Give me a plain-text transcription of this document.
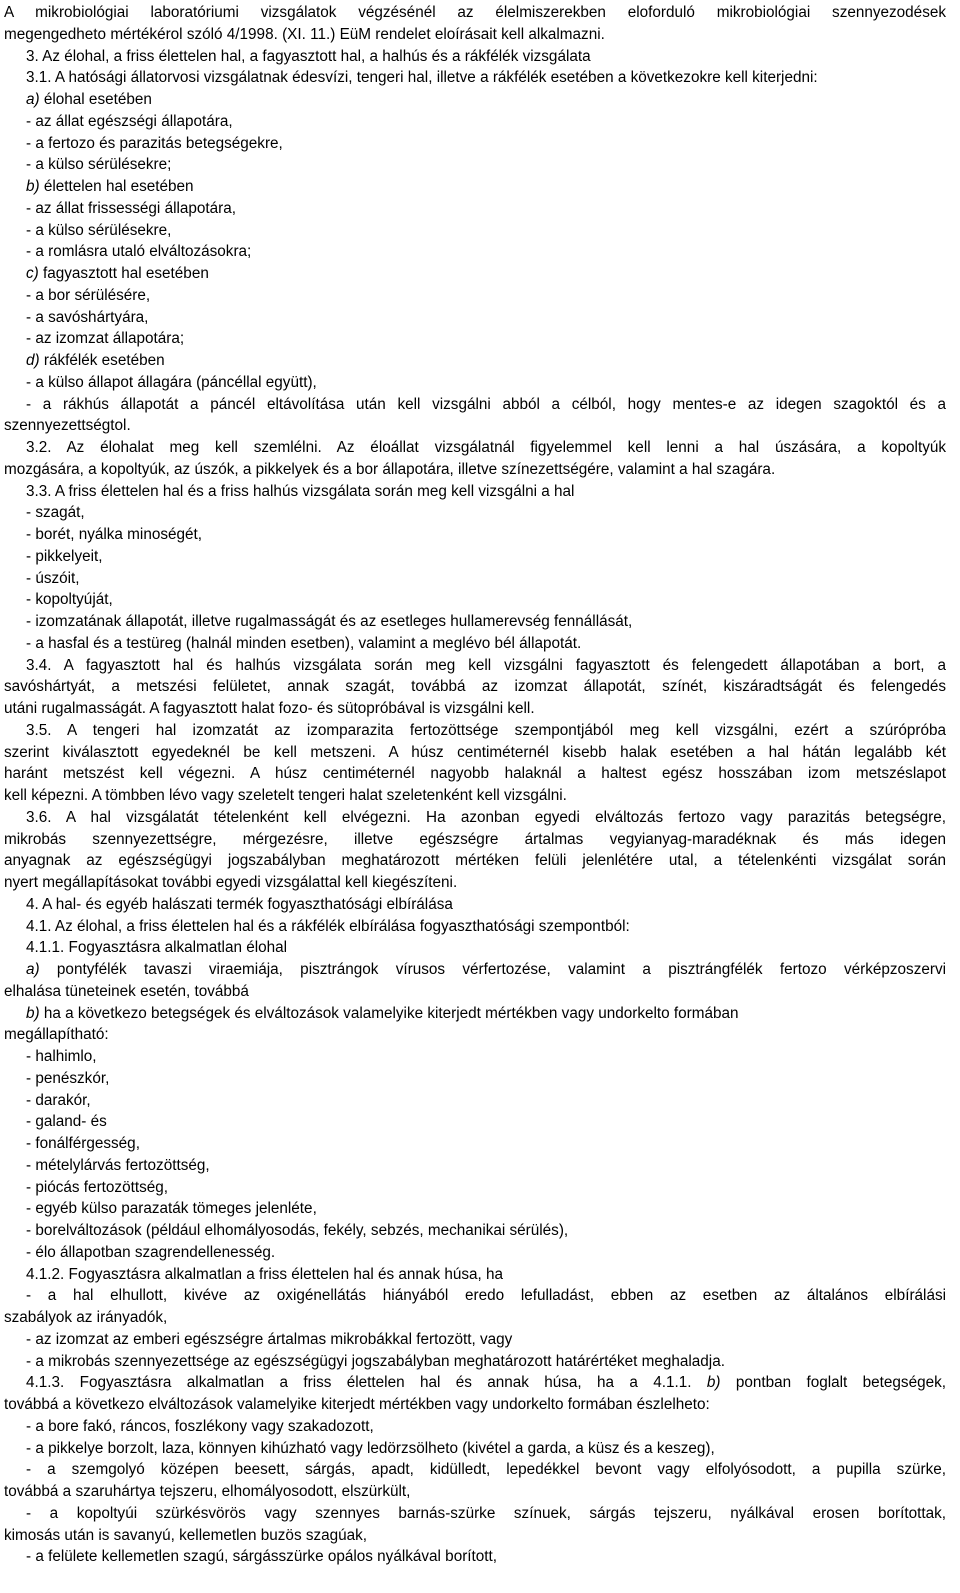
A mikrobiológiai laboratóriumi vizsgálatok végzésénél az élelmiszerekben eloforduló mikrobiológiai szennyezodések
megengedheto mértékérol szóló 4/1998. (XI. 11.) EüM rendelet eloírásait kell alkalmazni.
3. Az élohal, a friss élettelen hal, a fagyasztott hal, a halhús és a rákfélék vizsgálata
3.1. A hatósági állatorvosi vizsgálatnak édesvízi, tengeri hal, illetve a rákfélék esetében a következokre kell kiterjedni:
a) élohal esetében
- az állat egészségi állapotára,
- a fertozo és parazitás betegségekre,
- a külso sérülésekre;
b) élettelen hal esetében
- az állat frissességi állapotára,
- a külso sérülésekre,
- a romlásra utaló elváltozásokra;
c) fagyasztott hal esetében
- a bor sérülésére,
- a savóshártyára,
- az izomzat állapotára;
d) rákfélék esetében
- a külso állapot állagára (páncéllal együtt),
- a rákhús állapotát a páncél eltávolítása után kell vizsgálni abból a célból, hogy mentes-e az idegen szagoktól és a
szennyezettségtol.
3.2. Az élohalat meg kell szemlélni. Az éloállat vizsgálatnál figyelemmel kell lenni a hal úszására, a kopoltyúk
mozgására, a kopoltyúk, az úszók, a pikkelyek és a bor állapotára, illetve színezettségére, valamint a hal szagára.
3.3. A friss élettelen hal és a friss halhús vizsgálata során meg kell vizsgálni a hal
- szagát,
- borét, nyálka minoségét,
- pikkelyeit,
- úszóit,
- kopoltyúját,
- izomzatának állapotát, illetve rugalmasságát és az esetleges hullamerevség fennállását,
- a hasfal és a testüreg (halnál minden esetben), valamint a meglévo bél állapotát.
3.4. A fagyasztott hal és halhús vizsgálata során meg kell vizsgálni fagyasztott és felengedett állapotában a bort, a
savóshártyát, a metszési felületet, annak szagát, továbbá az izomzat állapotát, színét, kiszáradtságát és felengedés
utáni rugalmasságát. A fagyasztott halat fozo- és sütopróbával is vizsgálni kell.
3.5. A tengeri hal izomzatát az izomparazita fertozöttsége szempontjából meg kell vizsgálni, ezért a szúrópróba
szerint kiválasztott egyedeknél be kell metszeni. A húsz centiméternél kisebb halak esetében a hal hátán legalább két
haránt metszést kell végezni. A húsz centiméternél nagyobb halaknál a haltest egész hosszában izom metszéslapot
kell képezni. A tömbben lévo vagy szeletelt tengeri halat szeletenként kell vizsgálni.
3.6. A hal vizsgálatát tételenként kell elvégezni. Ha azonban egyedi elváltozás fertozo vagy parazitás betegségre,
mikrobás szennyezettségre, mérgezésre, illetve egészségre ártalmas vegyianyag-maradéknak és más idegen
anyagnak az egészségügyi jogszabályban meghatározott mértéken felüli jelenlétére utal, a tételenkénti vizsgálat során
nyert megállapításokat további egyedi vizsgálattal kell kiegészíteni.
4. A hal- és egyéb halászati termék fogyaszthatósági elbírálása
4.1. Az élohal, a friss élettelen hal és a rákfélék elbírálása fogyaszthatósági szempontból:
4.1.1. Fogyasztásra alkalmatlan élohal
a) pontyfélék tavaszi viraemiája, pisztrángok vírusos vérfertozése, valamint a pisztrángfélék fertozo vérképzoszervi
elhalása tüneteinek esetén, továbbá
b) ha a következo betegségek és elváltozások valamelyike kiterjedt mértékben vagy undorkelto formában
megállapítható:
- halhimlo,
- penészkór,
- darakór,
- galand- és
- fonálférgesség,
- mételylárvás fertozöttség,
- piócás fertozöttség,
- egyéb külso parazaták tömeges jelenléte,
- borelváltozások (például elhomályosodás, fekély, sebzés, mechanikai sérülés),
- élo állapotban szagrendellenesség.
4.1.2. Fogyasztásra alkalmatlan a friss élettelen hal és annak húsa, ha
- a hal elhullott, kivéve az oxigénellátás hiányából eredo lefulladást, ebben az esetben az általános elbírálási
szabályok az irányadók,
- az izomzat az emberi egészségre ártalmas mikrobákkal fertozött, vagy
- a mikrobás szennyezettsége az egészségügyi jogszabályban meghatározott határértéket meghaladja.
4.1.3. Fogyasztásra alkalmatlan a friss élettelen hal és annak húsa, ha a 4.1.1. b) pontban foglalt betegségek,
továbbá a következo elváltozások valamelyike kiterjedt mértékben vagy undorkelto formában észlelheto:
- a bore fakó, ráncos, foszlékony vagy szakadozott,
- a pikkelye borzolt, laza, könnyen kihúzható vagy ledörzsölheto (kivétel a garda, a küsz és a keszeg),
- a szemgolyó középen beesett, sárgás, apadt, kidülledt, lepedékkel bevont vagy elfolyósodott, a pupilla szürke,
továbbá a szaruhártya tejszeru, elhomályosodott, elszürkült,
- a kopoltyúi szürkésvörös vagy szennyes barnás-szürke színuek, sárgás tejszeru, nyálkával erosen borítottak,
kimosás után is savanyú, kellemetlen buzös szagúak,
- a felülete kellemetlen szagú, sárgásszürke opálos nyálkával borított,
